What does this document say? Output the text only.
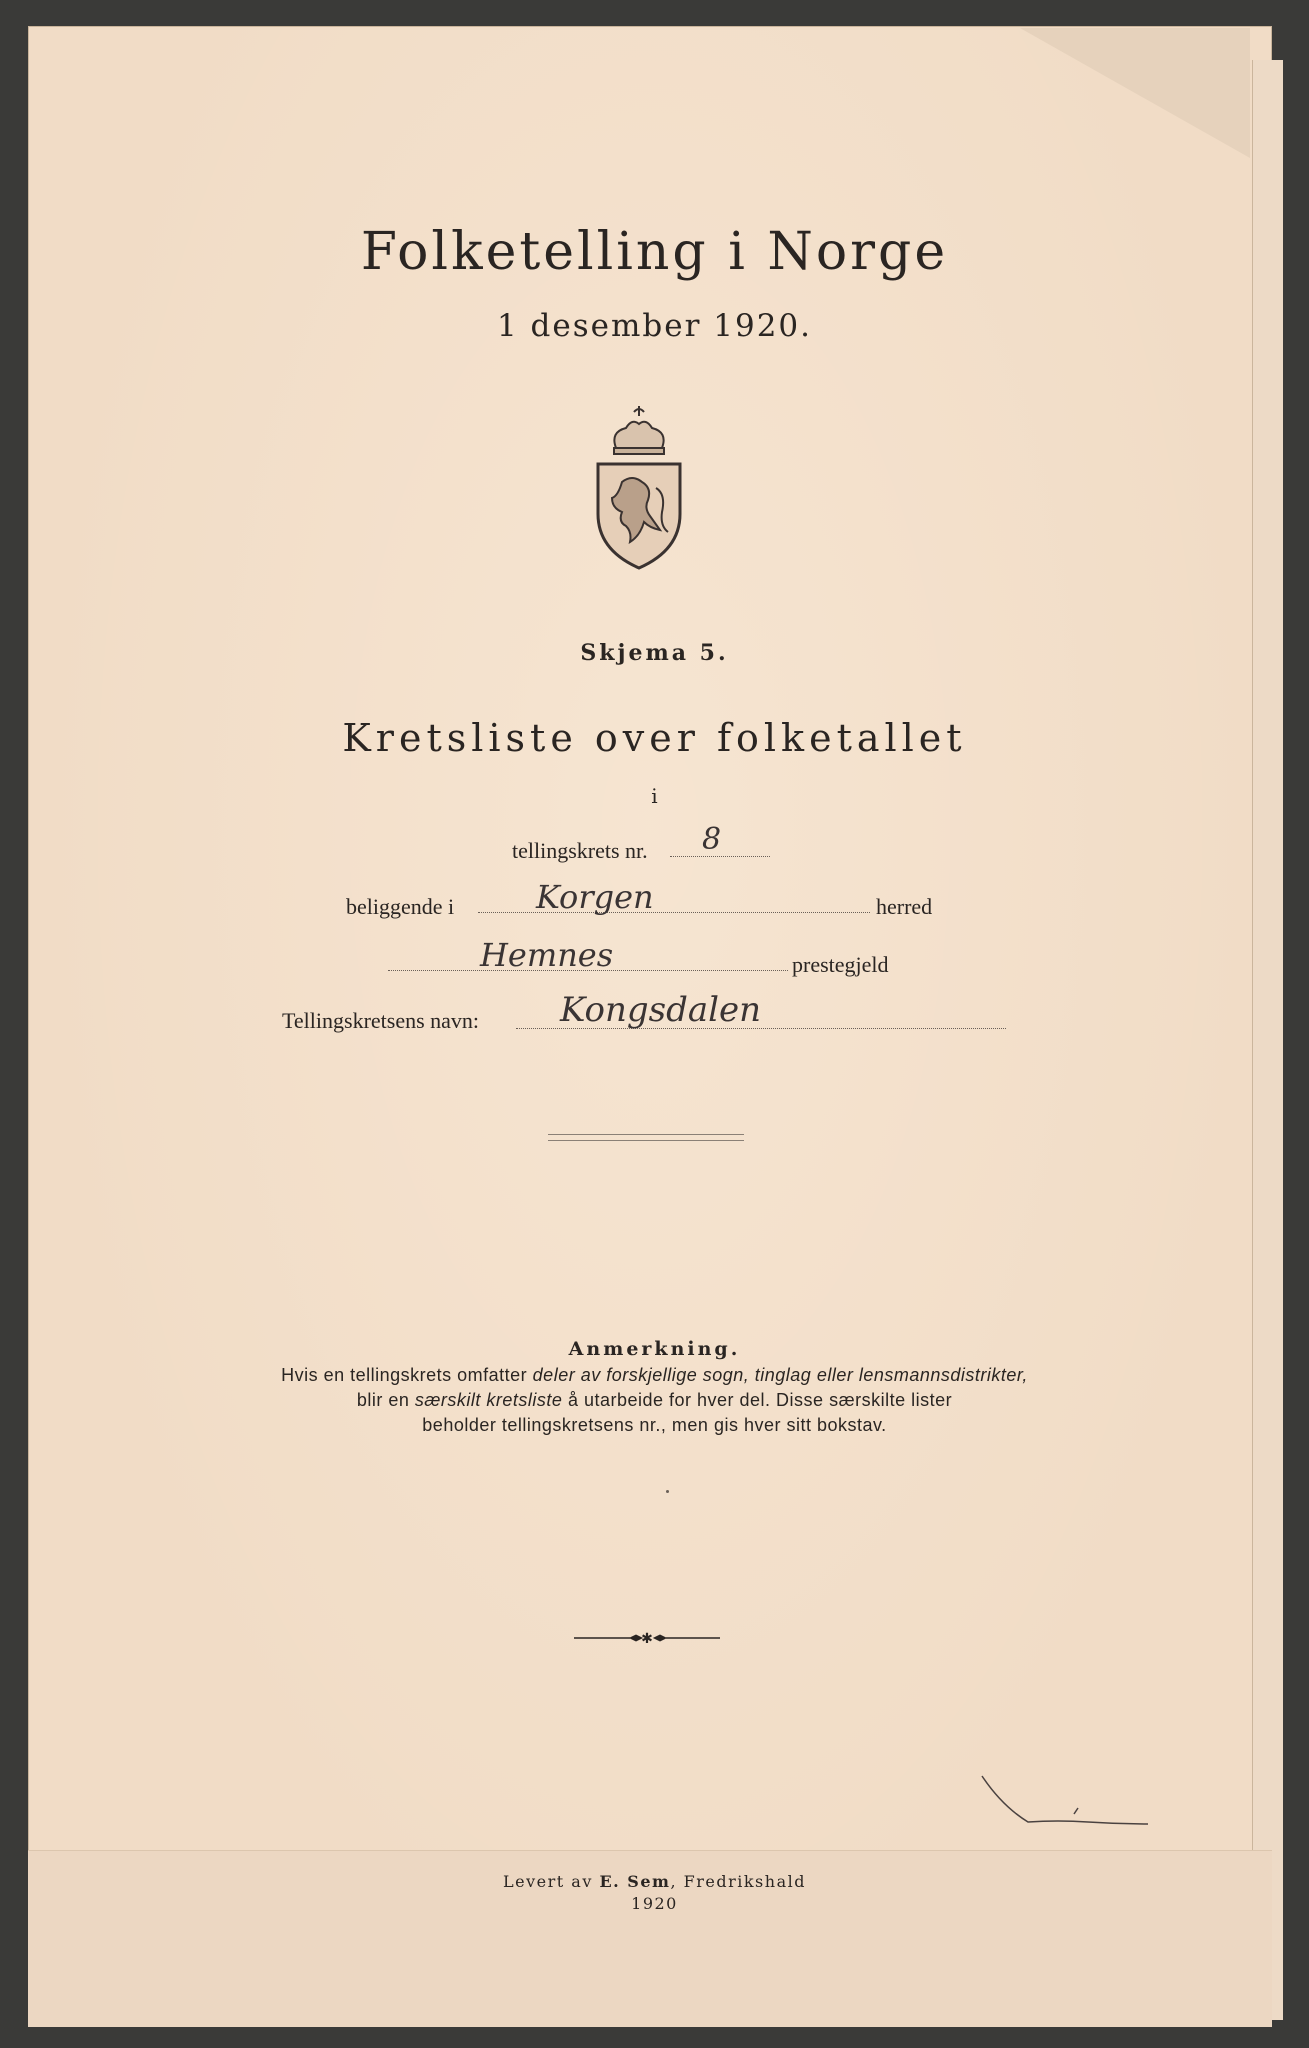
Folketelling i Norge
1 desember 1920.
Skjema 5.
Kretsliste over folketallet
i
tellingskrets nr. 8
beliggende i	Korgen	herred
Hemnes	prestegjeld
Tellingskretsens navn: Kongsdalen
Anmerkning.
Hvis en tellingskrets omfatter deler av forskjellige sogn, tinglag eller lensmannsdistrikter,
blir en særskilt kretsliste å utarbeide for hver del. Disse særskilte lister
beholder tellingskretsens nr., men gis hver sitt bokstav.
✱
Levert av E. Sem, Fredrikshald
1920
